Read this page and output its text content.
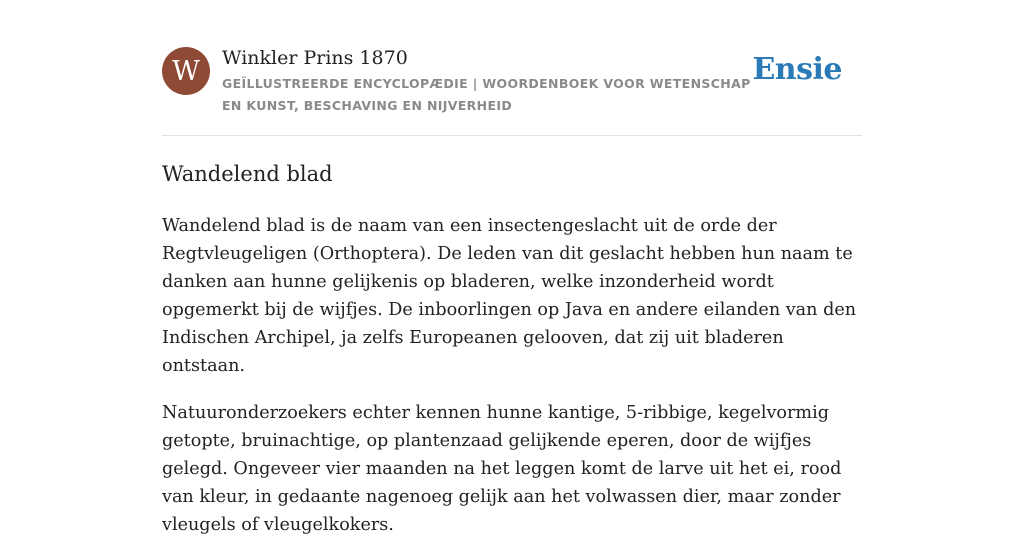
W	Winkler Prins 1870
GEÏLLUSTREERDE ENCYCLOPÆDIE | WOORDENBOEK VOOR WETENSCHAP EN KUNST, BESCHAVING EN NIJVERHEID
Ensie
Wandelend blad

Wandelend blad is de naam van een insectengeslacht uit de orde der Regtvleugeligen (Orthoptera). De leden van dit geslacht hebben hun naam te danken aan hunne gelijkenis op bladeren, welke inzonderheid wordt opgemerkt bij de wijfjes. De inboorlingen op Java en andere eilanden van den Indischen Archipel, ja zelfs Europeanen gelooven, dat zij uit bladeren ontstaan.

Natuuronderzoekers echter kennen hunne kantige, 5-ribbige, kegelvormig getopte, bruinachtige, op plantenzaad gelijkende eperen, door de wijfjes gelegd. Ongeveer vier maanden na het leggen komt de larve uit het ei, rood van kleur, in gedaante nagenoeg gelijk aan het volwassen dier, maar zonder vleugels of vleugelkokers.
